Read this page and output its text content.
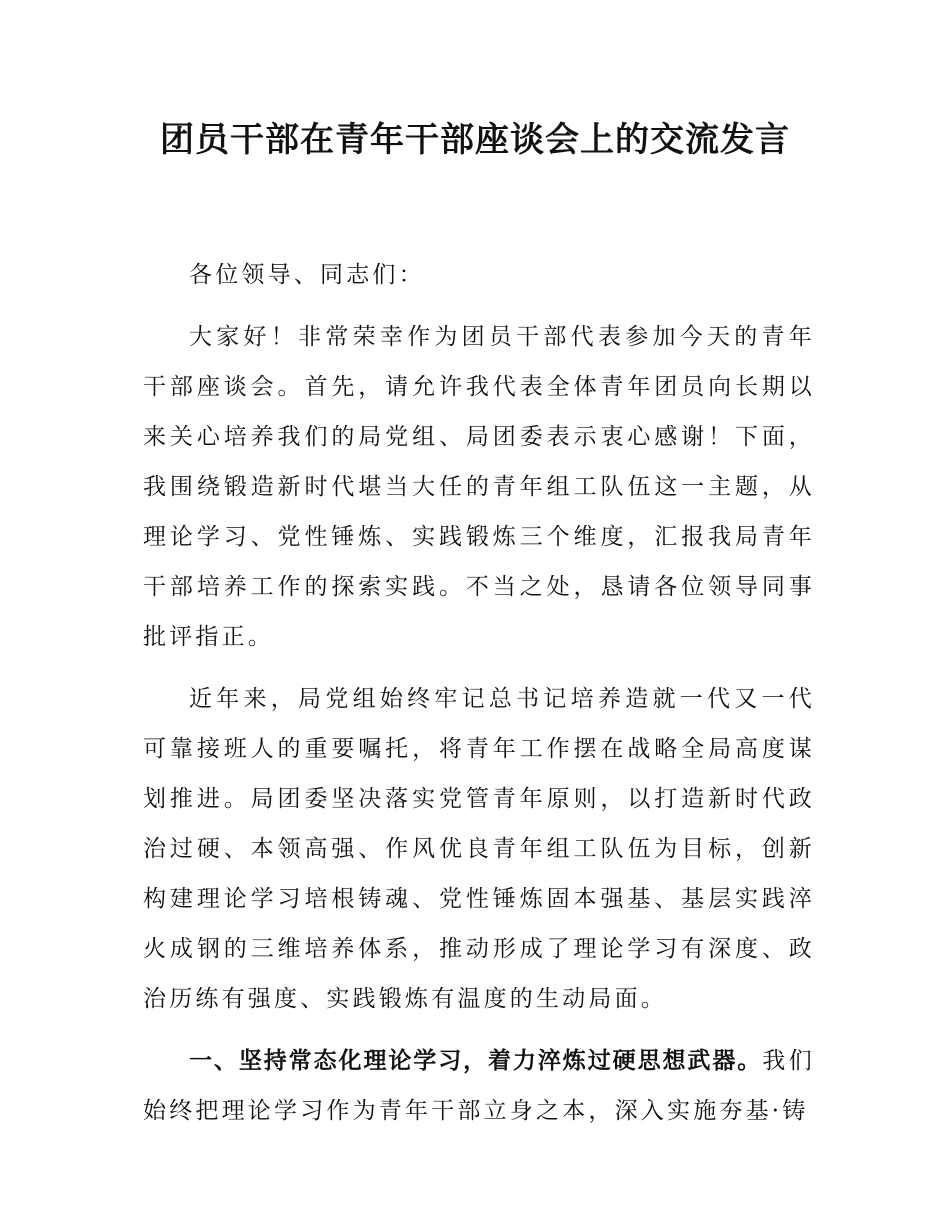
团员干部在青年干部座谈会上的交流发言

各位领导、同志们：

大家好！非常荣幸作为团员干部代表参加今天的青年干部座谈会。首先，请允许我代表全体青年团员向长期以来关心培养我们的局党组、局团委表示衷心感谢！下面，我围绕锻造新时代堪当大任的青年组工队伍这一主题，从理论学习、党性锤炼、实践锻炼三个维度，汇报我局青年干部培养工作的探索实践。不当之处，恳请各位领导同事批评指正。

近年来，局党组始终牢记总书记培养造就一代又一代可靠接班人的重要嘱托，将青年工作摆在战略全局高度谋划推进。局团委坚决落实党管青年原则，以打造新时代政治过硬、本领高强、作风优良青年组工队伍为目标，创新构建理论学习培根铸魂、党性锤炼固本强基、基层实践淬火成钢的三维培养体系，推动形成了理论学习有深度、政治历练有强度、实践锻炼有温度的生动局面。

一、坚持常态化理论学习，着力淬炼过硬思想武器。我们始终把理论学习作为青年干部立身之本，深入实施夯基·铸
